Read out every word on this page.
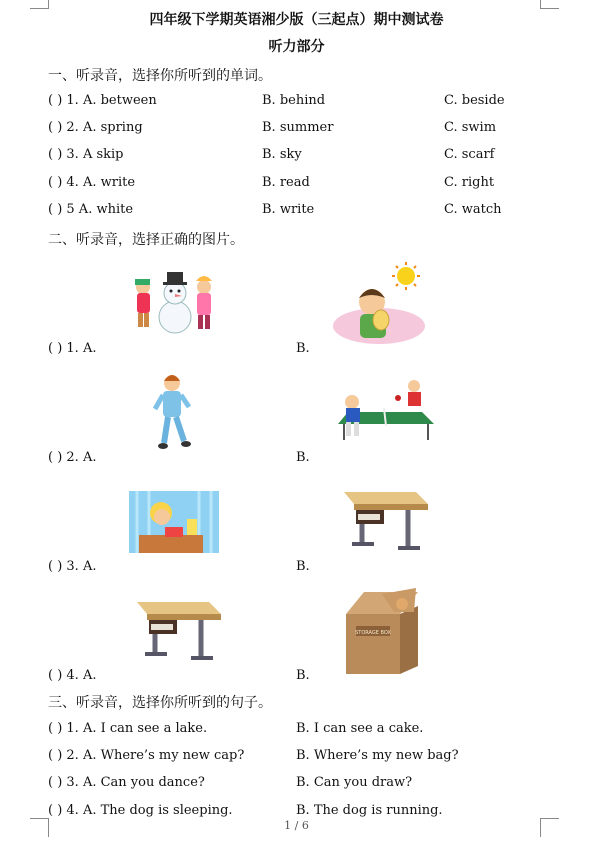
四年级下学期英语湘少版（三起点）期中测试卷
听力部分
一、听录音，选择你所听到的单词。
( ) 1. A. between	B. behind	C. beside
( ) 2. A. spring	B. summer	C. swim
( ) 3. A skip	B. sky	C. scarf
( ) 4. A. write	B. read	C. right
( ) 5 A. white	B. write	C. watch
二、听录音，选择正确的图片。
( ) 1. A.	B.
( ) 2. A.	B.
( ) 3. A.	B.
STORAGE BOX
( ) 4. A.	B.
三、听录音，选择你所听到的句子。
( ) 1. A. I can see a lake.	B. I can see a cake.
( ) 2. A. Where’s my new cap?	B. Where’s my new bag?
( ) 3. A. Can you dance?	B. Can you draw?
( ) 4. A. The dog is sleeping.	B. The dog is running.
1 / 6
